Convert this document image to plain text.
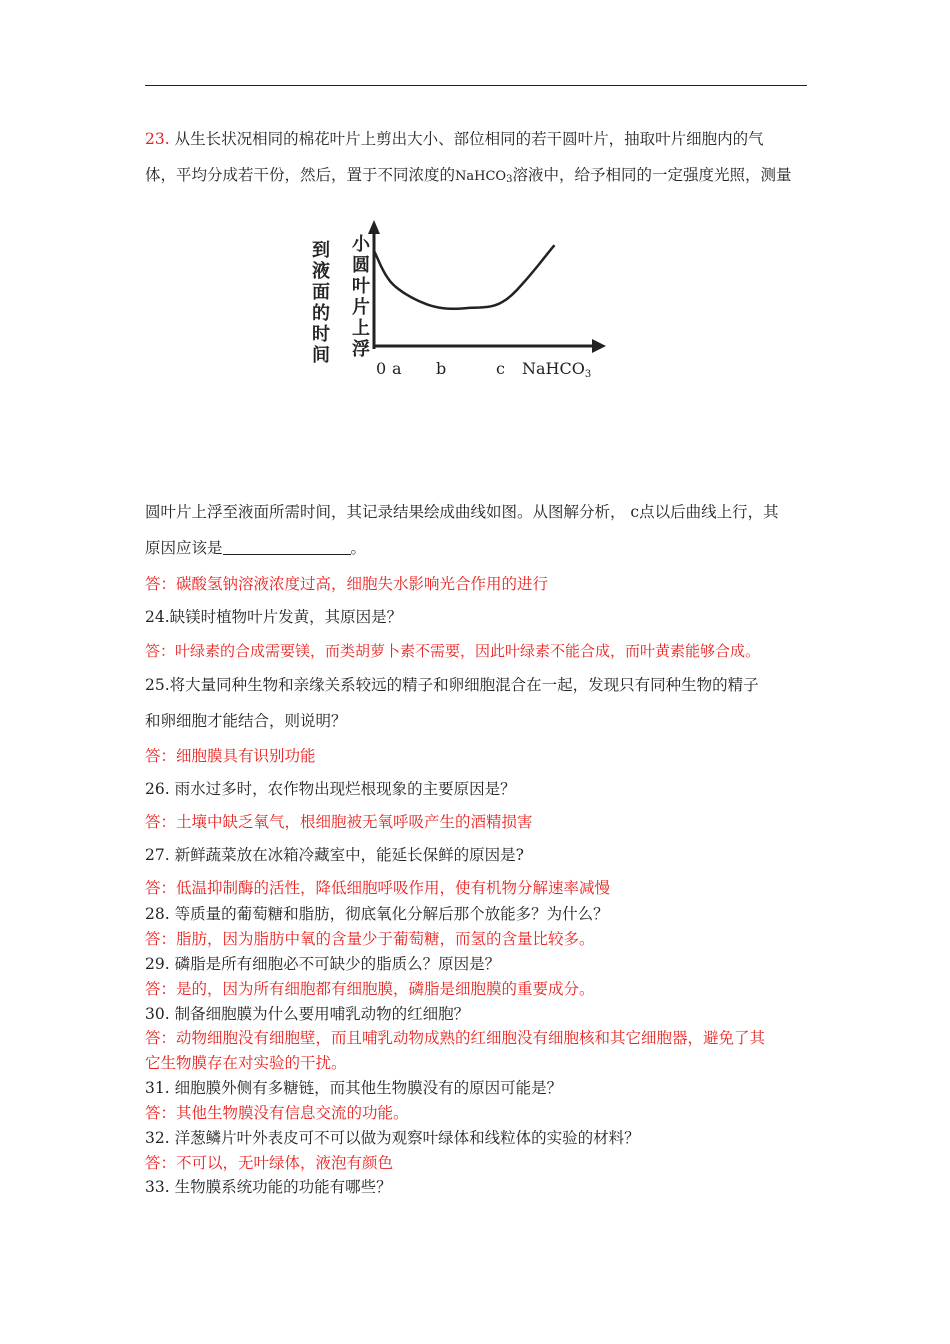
23. 从生长状况相同的棉花叶片上剪出大小、部位相同的若干圆叶片，抽取叶片细胞内的气
体，平均分成若干份，然后，置于不同浓度的NaHCO$_3$溶液中，给予相同的一定强度光照，测量
到
液
面
的
时
间
小
圆
叶
片
上
浮
0 a b	c NaHCO3
圆叶片上浮至液面所需时间，其记录结果绘成曲线如图。从图解分析， c点以后曲线上行，其
原因应该是	。
答：碳酸氢钠溶液浓度过高，细胞失水影响光合作用的进行
24.缺镁时植物叶片发黄，其原因是？
答：叶绿素的合成需要镁，而类胡萝卜素不需要，因此叶绿素不能合成，而叶黄素能够合成。
25.将大量同种生物和亲缘关系较远的精子和卵细胞混合在一起，发现只有同种生物的精子
和卵细胞才能结合，则说明？
答：细胞膜具有识别功能
26. 雨水过多时，农作物出现烂根现象的主要原因是？
答：土壤中缺乏氧气，根细胞被无氧呼吸产生的酒精损害
27. 新鲜蔬菜放在冰箱冷藏室中，能延长保鲜的原因是?
答：低温抑制酶的活性，降低细胞呼吸作用，使有机物分解速率减慢
28. 等质量的葡萄糖和脂肪，彻底氧化分解后那个放能多？为什么？
答：脂肪，因为脂肪中氧的含量少于葡萄糖，而氢的含量比较多。
29. 磷脂是所有细胞必不可缺少的脂质么？原因是？
答：是的，因为所有细胞都有细胞膜，磷脂是细胞膜的重要成分。
30. 制备细胞膜为什么要用哺乳动物的红细胞？
答：动物细胞没有细胞壁，而且哺乳动物成熟的红细胞没有细胞核和其它细胞器，避免了其
它生物膜存在对实验的干扰。
31. 细胞膜外侧有多糖链，而其他生物膜没有的原因可能是？
答：其他生物膜没有信息交流的功能。
32. 洋葱鳞片叶外表皮可不可以做为观察叶绿体和线粒体的实验的材料？
答：不可以，无叶绿体，液泡有颜色
33. 生物膜系统功能的功能有哪些？
